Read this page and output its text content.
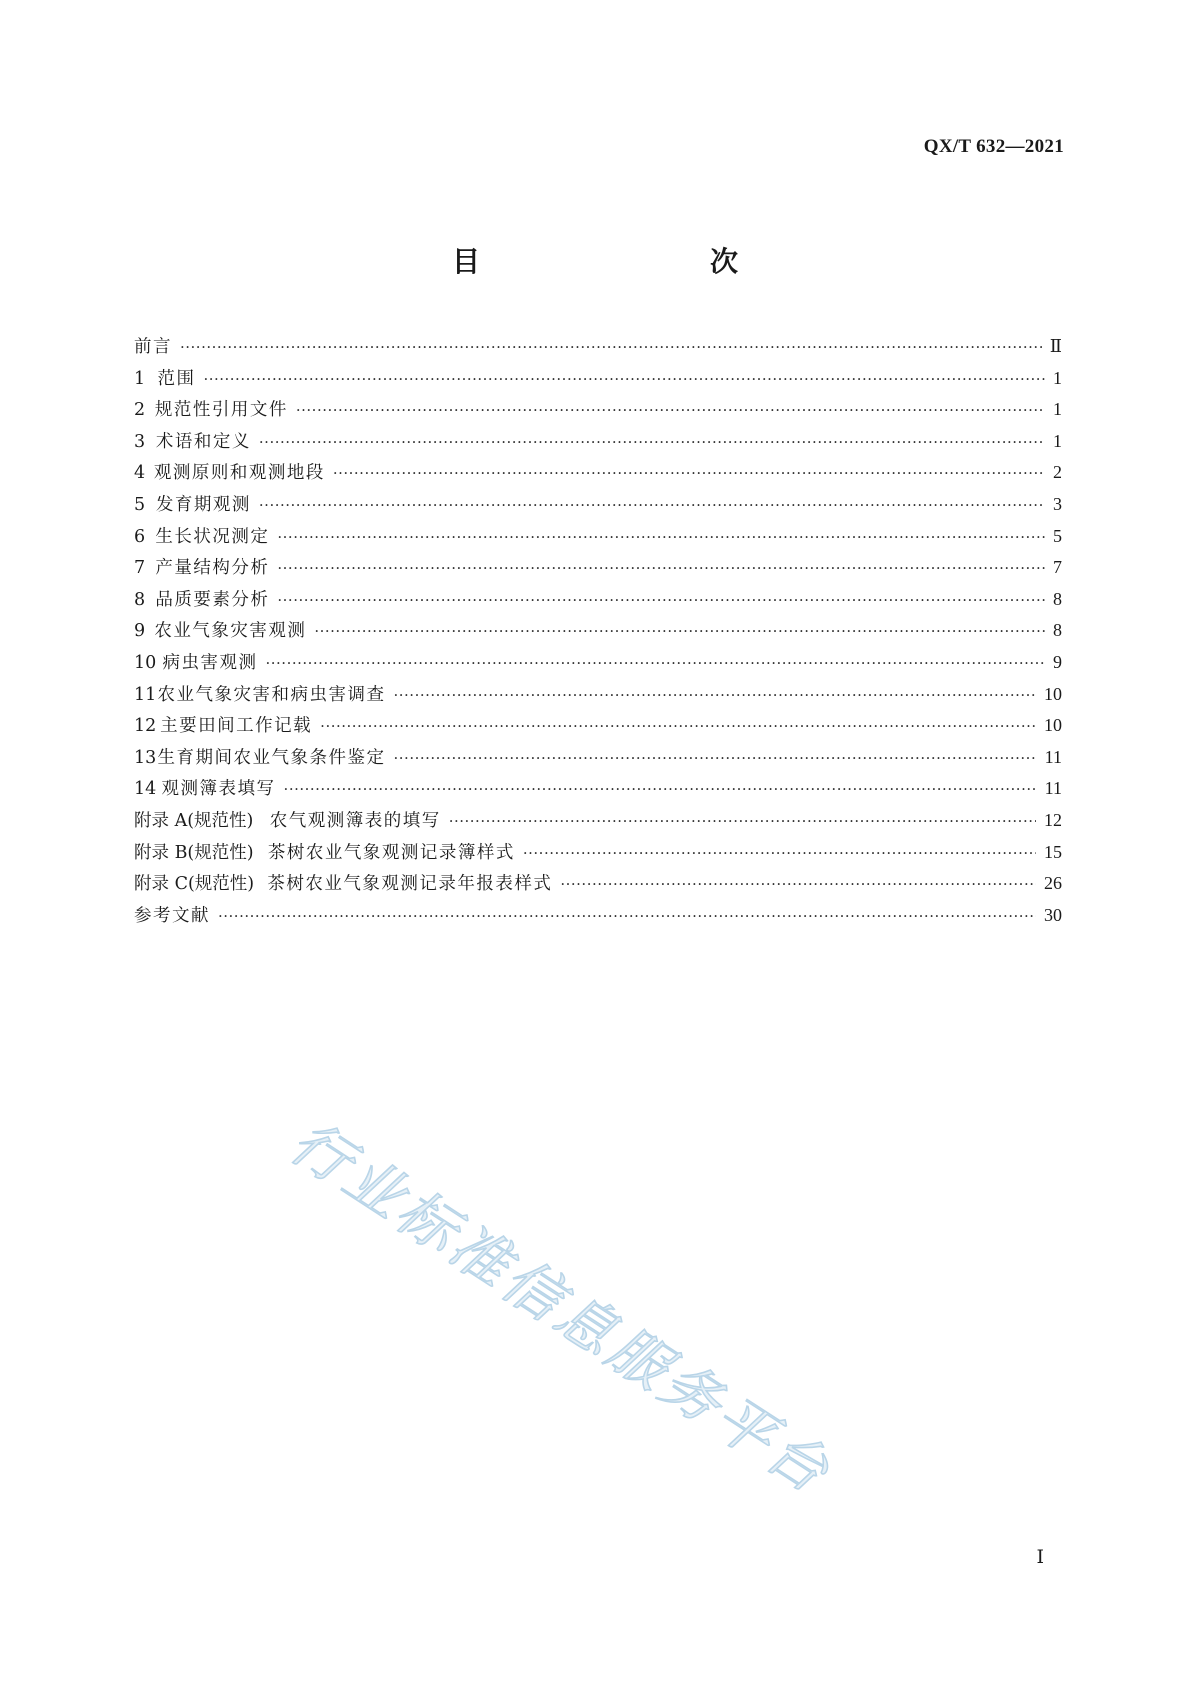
QX/T 632—2021
目　　次
前言 ·····	Ⅱ
1 范围 ·····	1
2 规范性引用文件 ·····	1
3 术语和定义 ·····	1
4 观测原则和观测地段 ·····	2
5 发育期观测 ·····	3
6 生长状况测定 ·····	5
7 产量结构分析 ·····	7
8 品质要素分析 ·····	8
9 农业气象灾害观测 ·····	8
10 病虫害观测 ·····	9
11 农业气象灾害和病虫害调查 ·····	10
12 主要田间工作记载 ·····	10
13 生育期间农业气象条件鉴定 ·····	11
14 观测簿表填写 ·····	11
附录 A(规范性) 农气观测簿表的填写 ·····	12
附录 B(规范性) 茶树农业气象观测记录簿样式 ·····	15
附录 C(规范性) 茶树农业气象观测记录年报表样式 ·····	26
参考文献 ·····	30
行业标准信息服务平台
Ⅰ
